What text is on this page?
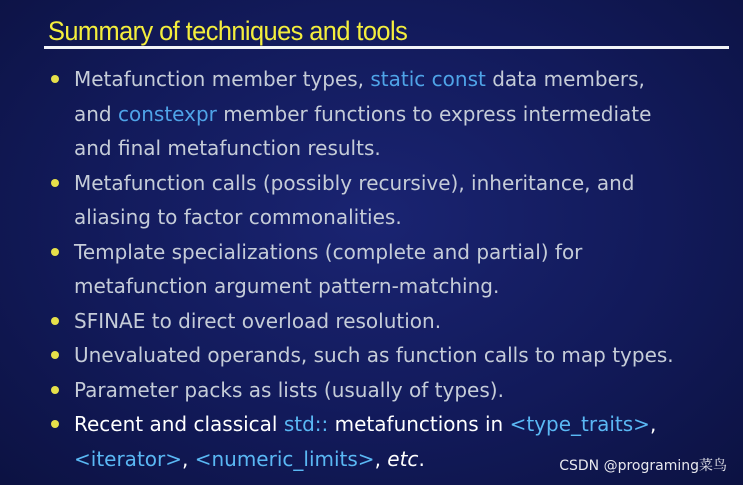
Summary of techniques and tools
Metafunction member types, static const data members,
and constexpr member functions to express intermediate
and final metafunction results.
Metafunction calls (possibly recursive), inheritance, and
aliasing to factor commonalities.
Template specializations (complete and partial) for
metafunction argument pattern-matching.
SFINAE to direct overload resolution.
Unevaluated operands, such as function calls to map types.
Parameter packs as lists (usually of types).
Recent and classical std:: metafunctions in <type_traits>,
<iterator>, <numeric_limits>, etc.	CSDN @programing菜鸟
